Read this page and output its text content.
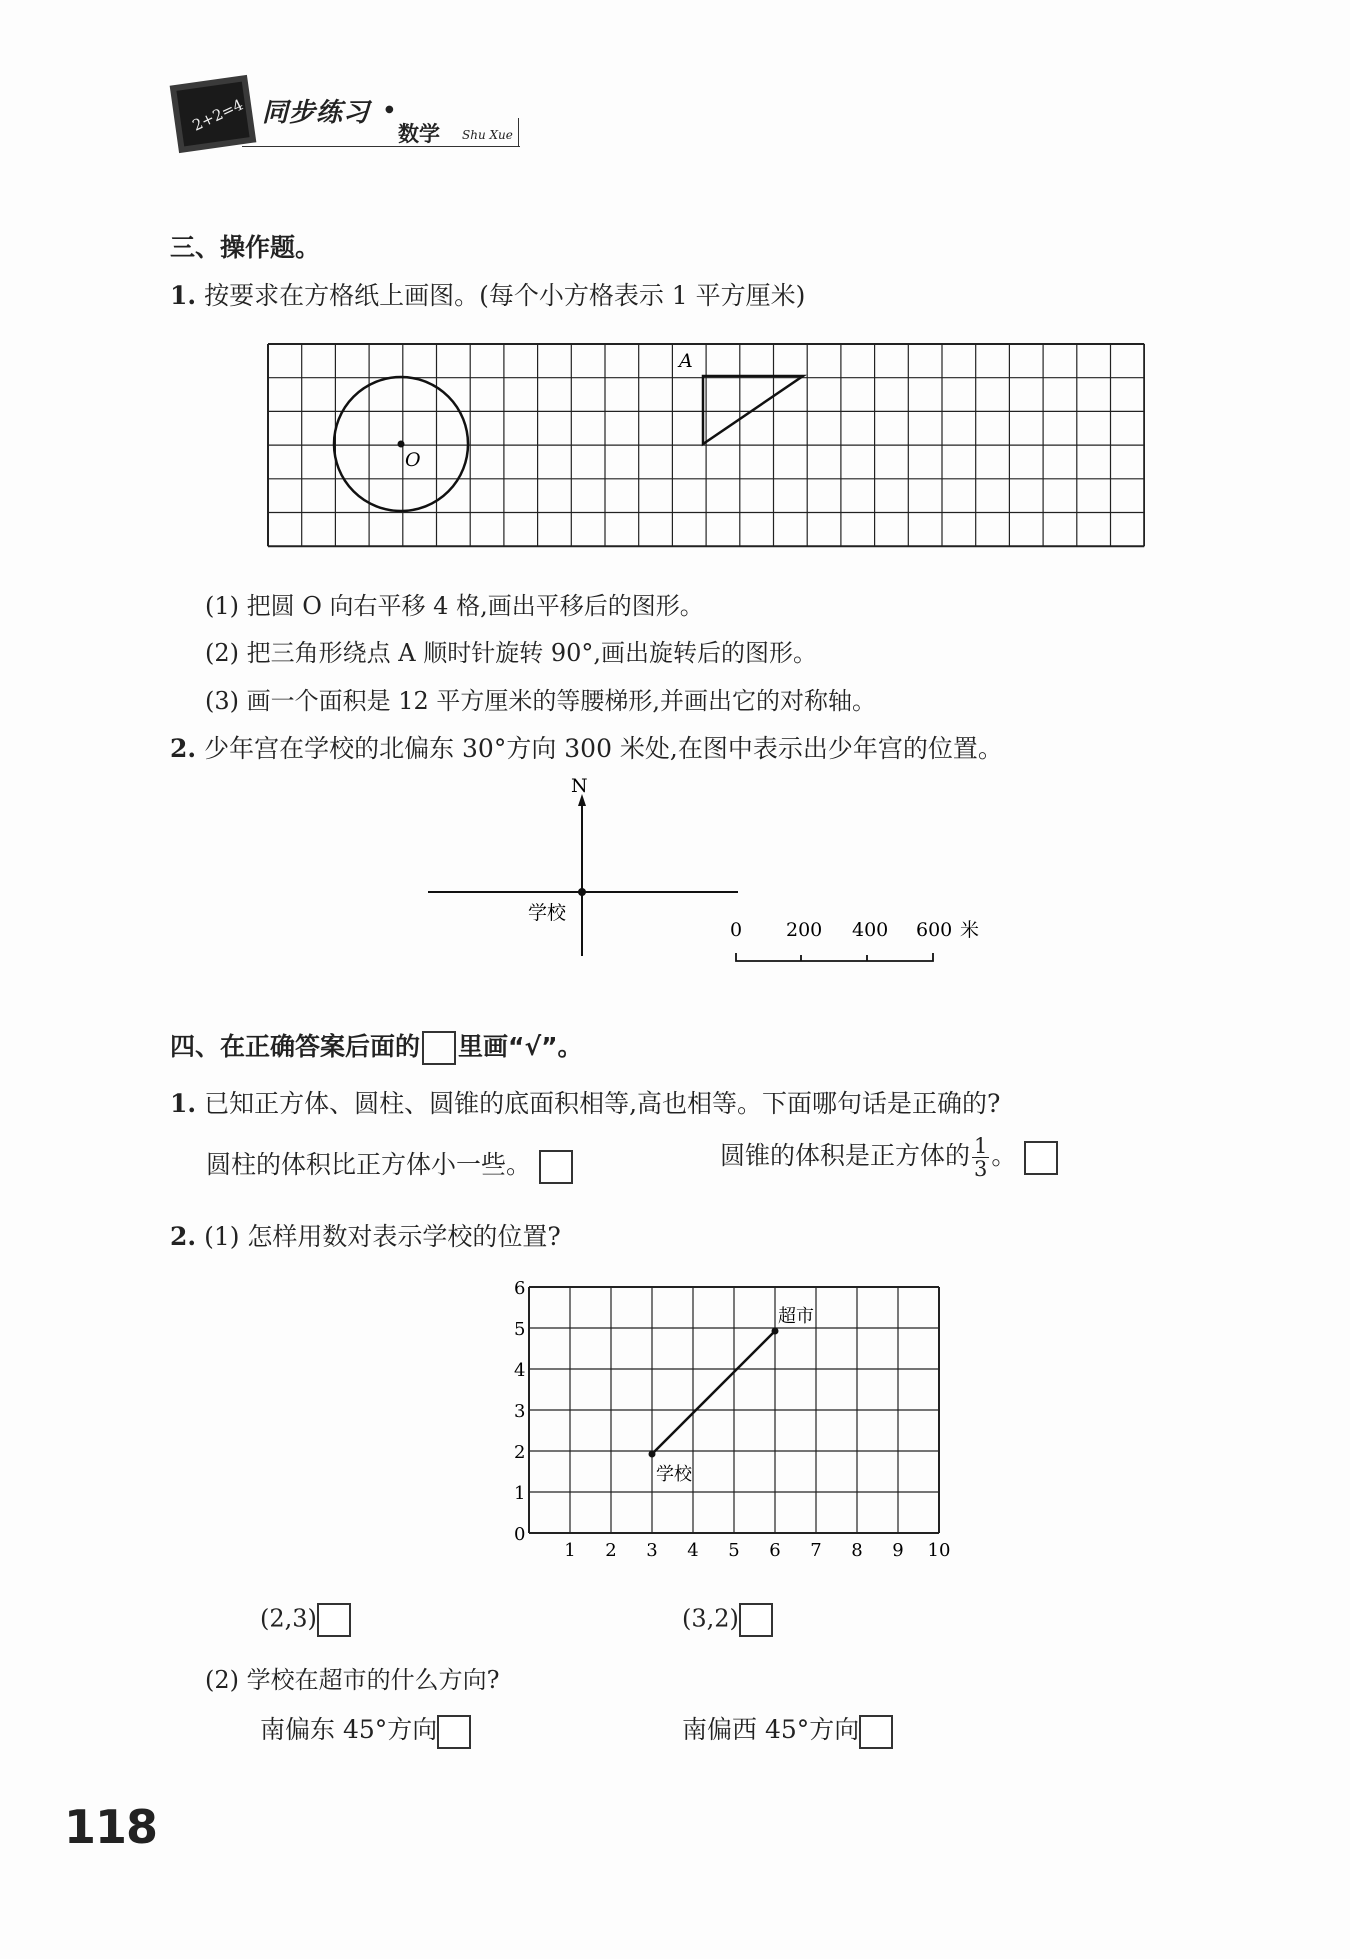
2+2=4 同步练习 ●
数学 Shu Xue
三、操作题。
1. 按要求在方格纸上画图。(每个小方格表示 1 平方厘米)
O
A
(1) 把圆 O 向右平移 4 格,画出平移后的图形。
(2) 把三角形绕点 A 顺时针旋转 90°,画出旋转后的图形。
(3) 画一个面积是 12 平方厘米的等腰梯形,并画出它的对称轴。
2. 少年宫在学校的北偏东 30°方向 300 米处,在图中表示出少年宫的位置。
N
学校
0 200 400 600 米
四、在正确答案后面的 里画“√”。
1. 已知正方体、圆柱、圆锥的底面积相等,高也相等。下面哪句话是正确的?
圆柱的体积比正方体小一些。	圆锥的体积是正方体的 $\frac{1}{3}$ 。
2. (1) 怎样用数对表示学校的位置?
0
1
2
3
4
5
6
1 2 3 4 5 6 7 8 9 10
超市
学校
(2,3)	(3,2)
(2) 学校在超市的什么方向?
南偏东 45°方向	南偏西 45°方向
118
